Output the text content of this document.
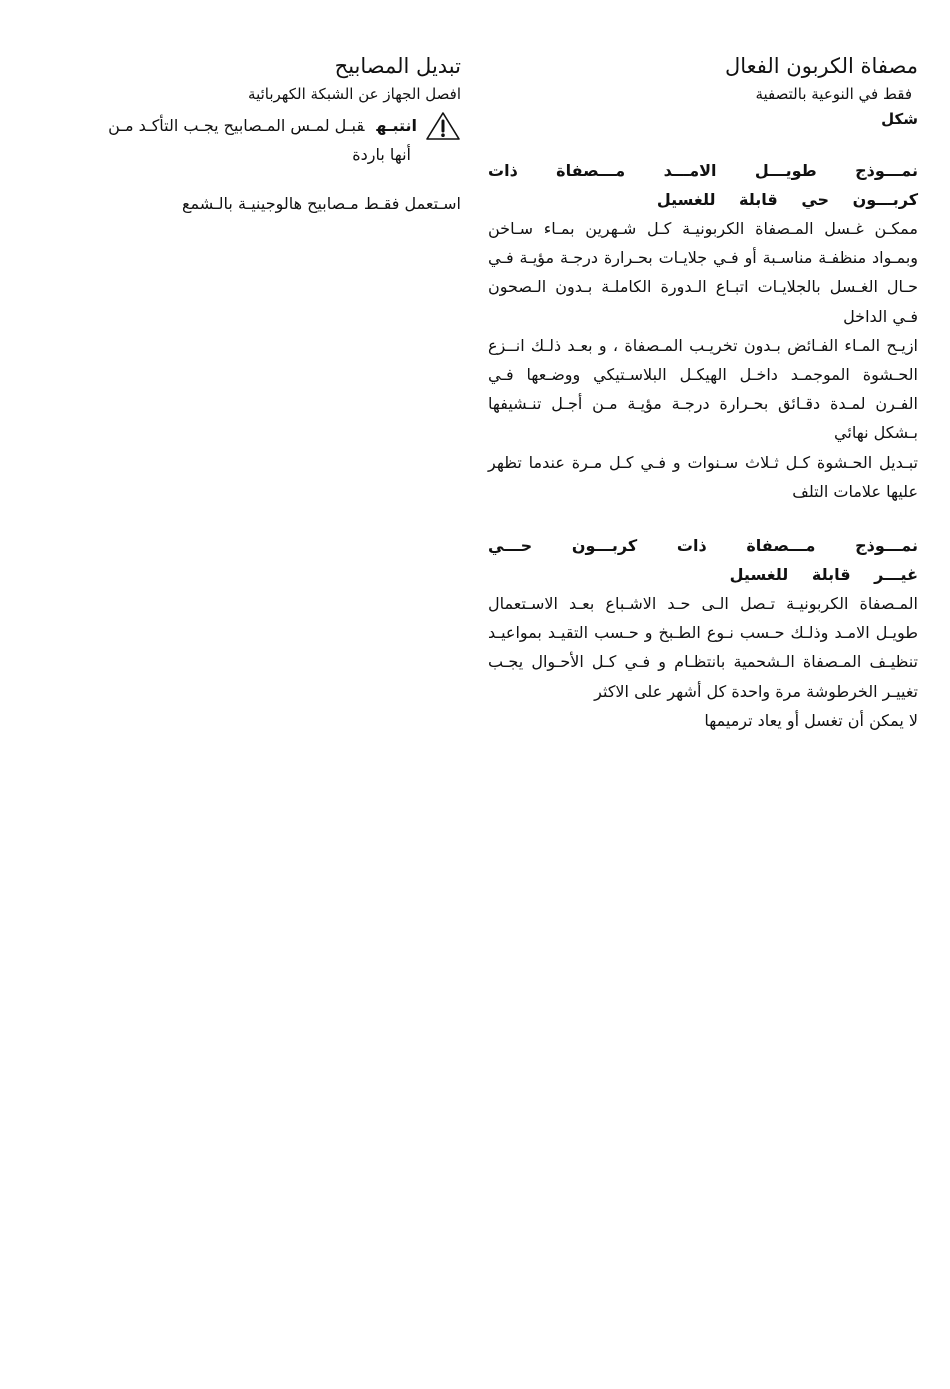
مصفاة الكربون الفعال

فقط في النوعية بالتصفية

شكل

نمـــوذج طويـــل الامـــد مـــصفاة ذات كربـــون حي قابلة للغسيل

ممكـن غـسل المـصفاة الكربونيـة كـل شـهرين بمـاء سـاخن وبمـواد منظفـة مناسـبة أو فـي جلايـات بحـرارة درجـة مؤيـة فـي حـال الغـسل بالجلايـات اتبـاع الـدورة الكاملـة بـدون الـصحون فـي الداخل

ازيـح المـاء الفـائض بـدون تخريـب المـصفاة ، و بعـد ذلـك انــزع الحـشوة الموجمـد داخـل الهيكـل البلاسـتيكي ووضـعها فـي الفـرن لمـدة دقـائق بحـرارة درجـة مؤيـة مـن أجـل تنـشيفها بـشكل نهائي

تبـديل الحـشوة كـل ثـلاث سـنوات و فـي كـل مـرة عندما تظهر عليها علامات التلف

نمـــوذج مـــصفاة ذات كربـــون حـــي غيـــر قابلة للغسيل

المـصفاة الكربونيـة تـصل الـى حـد الاشـباع بعـد الاسـتعمال طويـل الامـد وذلـك حـسب نـوع الطـبخ و حـسب التقيـد بمواعيـد تنظيـف المـصفاة الـشحمية بانتظـام و فـي كـل الأحـوال يجـب تغييـر الخرطوشة مرة واحدة كل أشهر على الاكثر

لا يمكن أن تغسل أو يعاد ترميمها

تبديل المصابيح

افصل الجهاز عن الشبكة الكهربائية

انتبـهقبـل لمـس المـصابيح يجـب التأكـد مـن

أنها باردة

اسـتعمل فقـط مـصابيح هالوجينيـة بالـشمع
